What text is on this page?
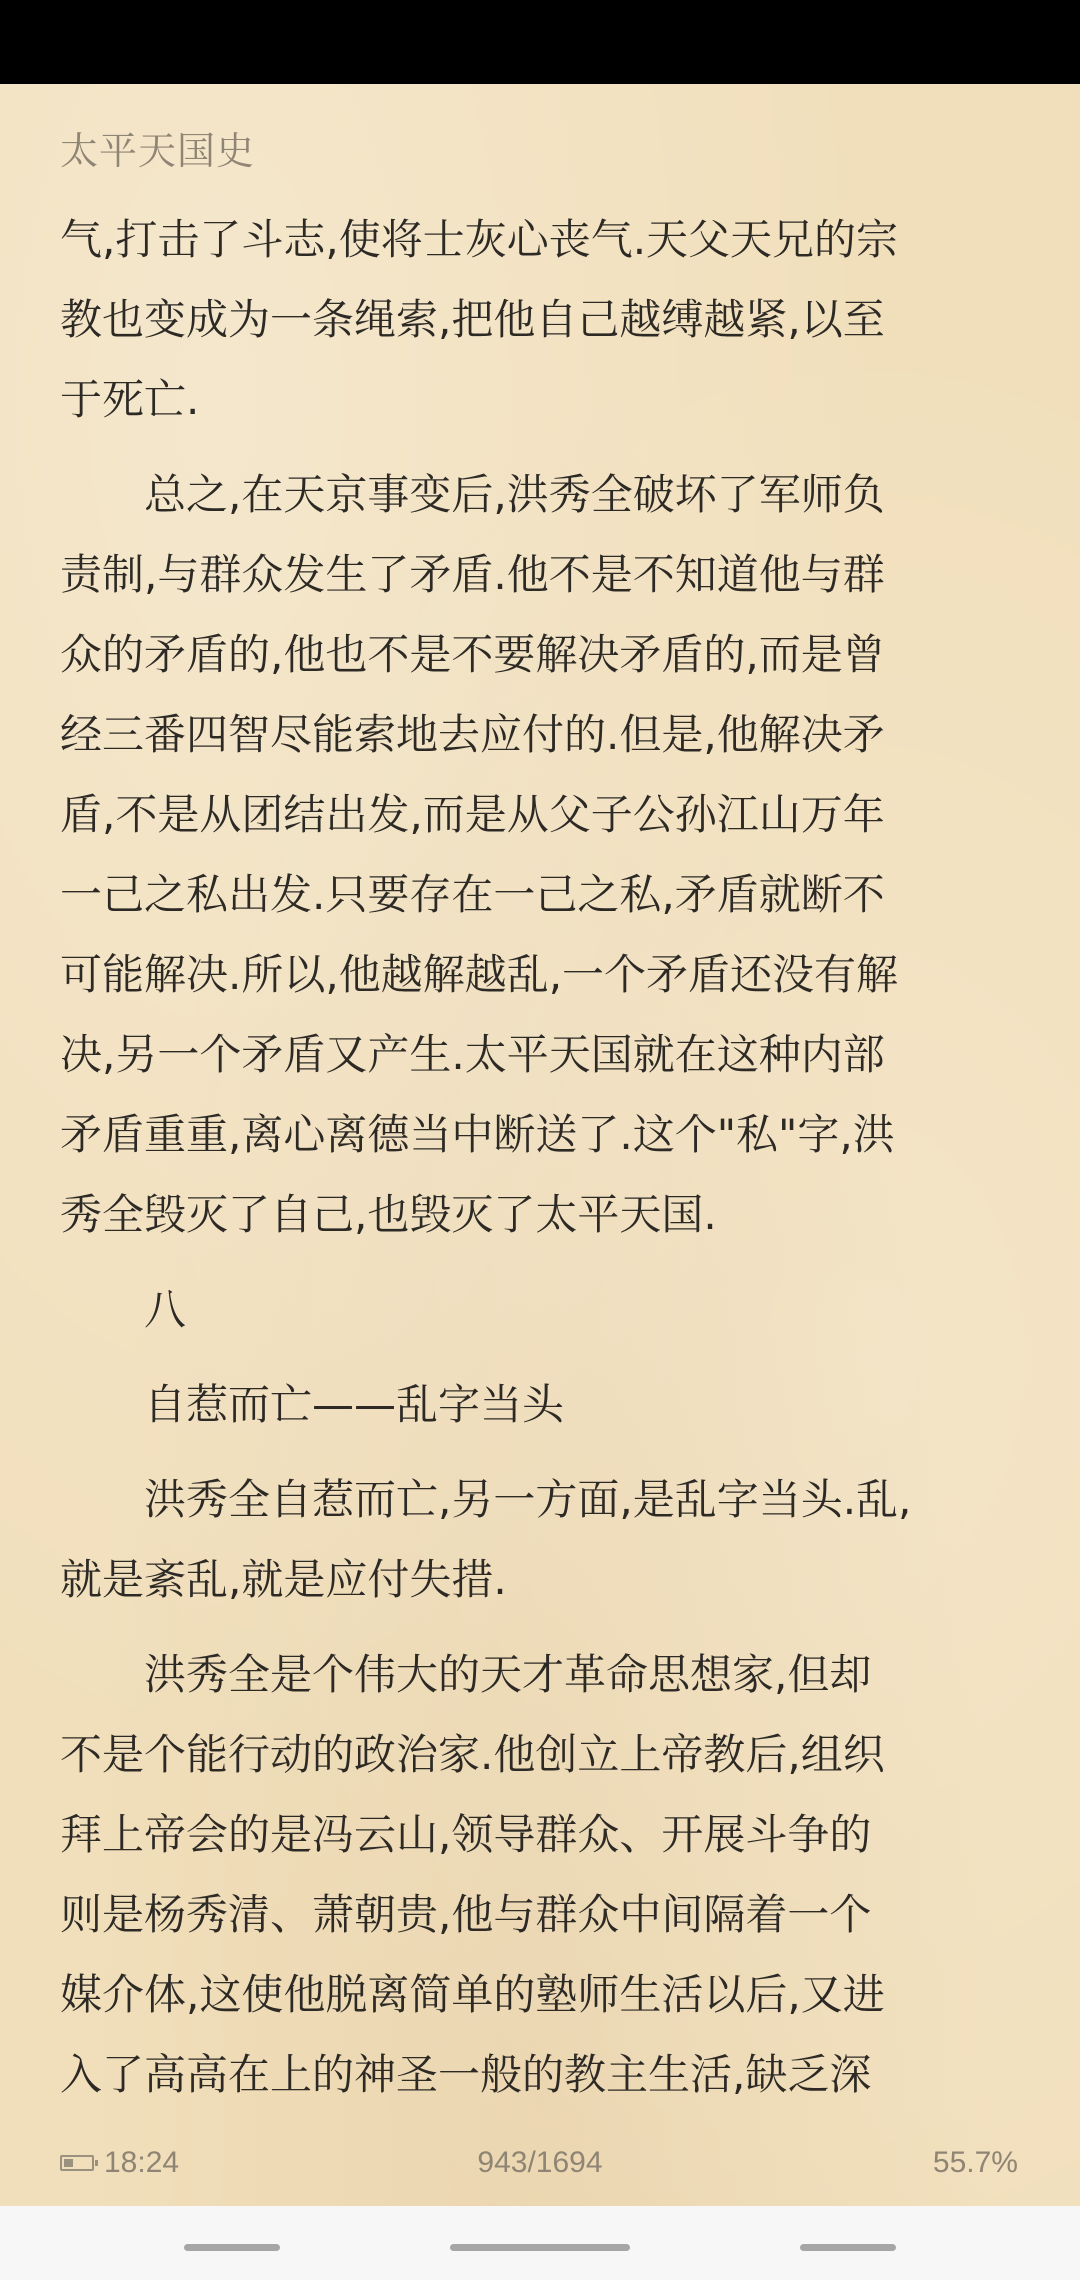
太平天国史

气,打击了斗志,使将士灰心丧气.天父天兄的宗
教也变成为一条绳索,把他自己越缚越紧,以至
于死亡.

　　总之,在天京事变后,洪秀全破坏了军师负
责制,与群众发生了矛盾.他不是不知道他与群
众的矛盾的,他也不是不要解决矛盾的,而是曾
经三番四智尽能索地去应付的.但是,他解决矛
盾,不是从团结出发,而是从父子公孙江山万年
一己之私出发.只要存在一己之私,矛盾就断不
可能解决.所以,他越解越乱,一个矛盾还没有解
决,另一个矛盾又产生.太平天国就在这种内部
矛盾重重,离心离德当中断送了.这个"私"字,洪
秀全毁灭了自己,也毁灭了太平天国.

　　八

　　自惹而亡——乱字当头

　　洪秀全自惹而亡,另一方面,是乱字当头.乱,
就是紊乱,就是应付失措.

　　洪秀全是个伟大的天才革命思想家,但却
不是个能行动的政治家.他创立上帝教后,组织
拜上帝会的是冯云山,领导群众、开展斗争的
则是杨秀清、萧朝贵,他与群众中间隔着一个
媒介体,这使他脱离简单的塾师生活以后,又进
入了高高在上的神圣一般的教主生活,缺乏深

18:24	943/1694	55.7%
